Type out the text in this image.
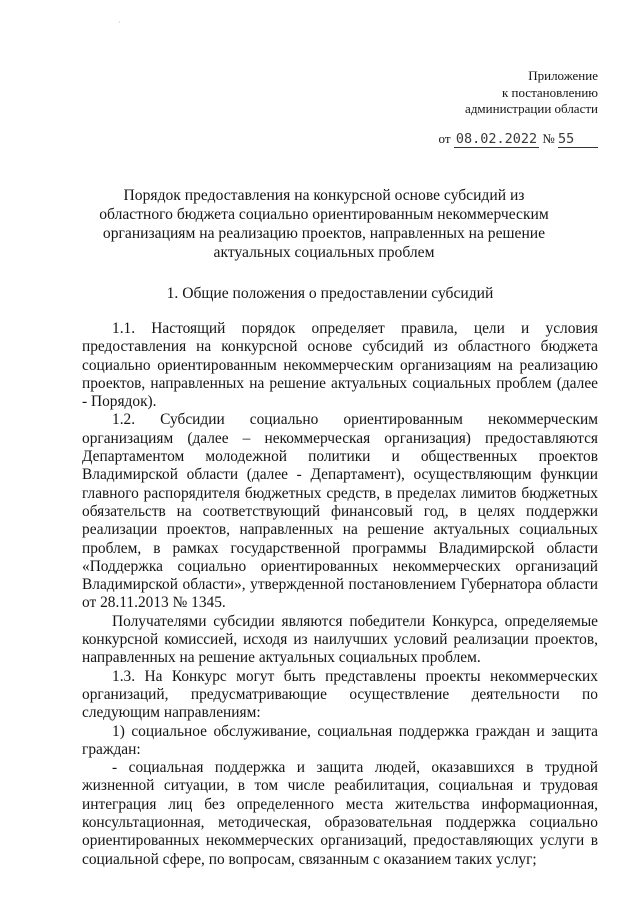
·
Приложение
к постановлению
администрации области
от 08.02.2022 № 55
Порядок предоставления на конкурсной основе субсидий из областного бюджета социально ориентированным некоммерческим организациям на реализацию проектов, направленных на решение актуальных социальных проблем
1. Общие положения о предоставлении субсидий

1.1. Настоящий порядок определяет правила, цели и условия предоставления на конкурсной основе субсидий из областного бюджета социально ориентированным некоммерческим организациям на реализацию проектов, направленных на решение актуальных социальных проблем (далее - Порядок).

1.2. Субсидии социально ориентированным некоммерческим организациям (далее – некоммерческая организация) предоставляются Департаментом молодежной политики и общественных проектов Владимирской области (далее - Департамент), осуществляющим функции главного распорядителя бюджетных средств, в пределах лимитов бюджетных обязательств на соответствующий финансовый год, в целях поддержки реализации проектов, направленных на решение актуальных социальных проблем, в рамках государственной программы Владимирской области «Поддержка социально ориентированных некоммерческих организаций Владимирской области», утвержденной постановлением Губернатора области от 28.11.2013 № 1345.

Получателями субсидии являются победители Конкурса, определяемые конкурсной комиссией, исходя из наилучших условий реализации проектов, направленных на решение актуальных социальных проблем.

1.3. На Конкурс могут быть представлены проекты некоммерческих организаций, предусматривающие осуществление деятельности по следующим направлениям:

1) социальное обслуживание, социальная поддержка граждан и защита граждан:

- социальная поддержка и защита людей, оказавшихся в трудной жизненной ситуации, в том числе реабилитация, социальная и трудовая интеграция лиц без определенного места жительства информационная, консультационная, методическая, образовательная поддержка социально ориентированных некоммерческих организаций, предоставляющих услуги в социальной сфере, по вопросам, связанным с оказанием таких услуг;
